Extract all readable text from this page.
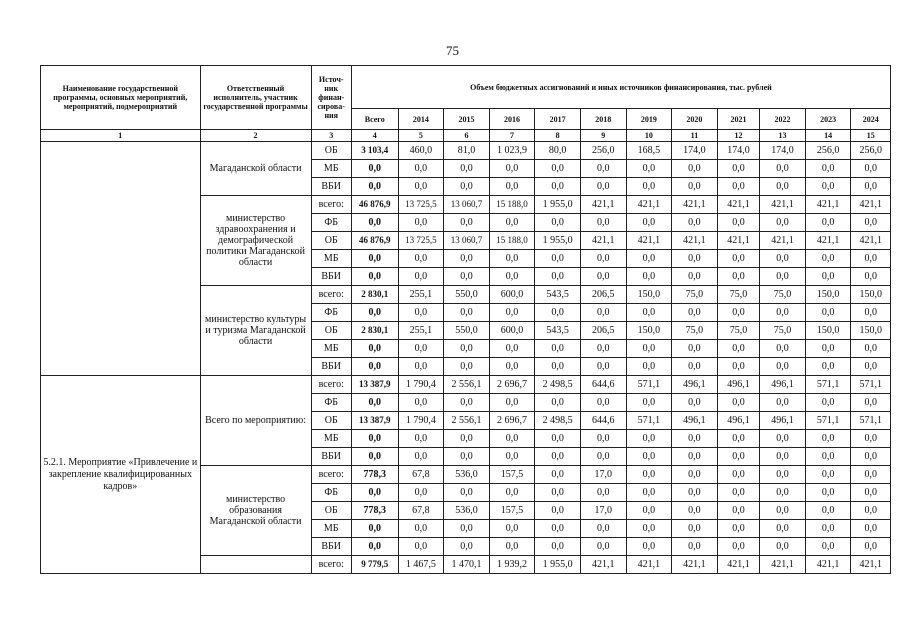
75
Наименование государственной программы, основных мероприятий, мероприятий, подмероприятий	Ответственный исполнитель, участник государственной программы	Источ-ник финан-сирова-ния	Объем бюджетных ассигнований и иных источников финансирования, тыс. рублей											
			Всего	2014	2015	2016	2017	2018	2019	2020	2021	2022	2023	2024
1	2	3	4	5	6	7	8	9	10	11	12	13	14	15
	Магаданской области	ОБ	3 103,4	460,0	81,0	1 023,9	80,0	256,0	168,5	174,0	174,0	174,0	256,0	256,0
		МБ	0,0	0,0	0,0	0,0	0,0	0,0	0,0	0,0	0,0	0,0	0,0	0,0
		ВБИ	0,0	0,0	0,0	0,0	0,0	0,0	0,0	0,0	0,0	0,0	0,0	0,0
	министерство здравоохранения и демографической политики Магаданской области	всего:	46 876,9	13 725,5	13 060,7	15 188,0	1 955,0	421,1	421,1	421,1	421,1	421,1	421,1	421,1
		ФБ	0,0	0,0	0,0	0,0	0,0	0,0	0,0	0,0	0,0	0,0	0,0	0,0
		ОБ	46 876,9	13 725,5	13 060,7	15 188,0	1 955,0	421,1	421,1	421,1	421,1	421,1	421,1	421,1
		МБ	0,0	0,0	0,0	0,0	0,0	0,0	0,0	0,0	0,0	0,0	0,0	0,0
		ВБИ	0,0	0,0	0,0	0,0	0,0	0,0	0,0	0,0	0,0	0,0	0,0	0,0
	министерство культуры и туризма Магаданской области	всего:	2 830,1	255,1	550,0	600,0	543,5	206,5	150,0	75,0	75,0	75,0	150,0	150,0
		ФБ	0,0	0,0	0,0	0,0	0,0	0,0	0,0	0,0	0,0	0,0	0,0	0,0
		ОБ	2 830,1	255,1	550,0	600,0	543,5	206,5	150,0	75,0	75,0	75,0	150,0	150,0
		МБ	0,0	0,0	0,0	0,0	0,0	0,0	0,0	0,0	0,0	0,0	0,0	0,0
		ВБИ	0,0	0,0	0,0	0,0	0,0	0,0	0,0	0,0	0,0	0,0	0,0	0,0
5.2.1. Мероприятие «Привлечение и закрепление квалифицированных кадров»	Всего по мероприятию:	всего:	13 387,9	1 790,4	2 556,1	2 696,7	2 498,5	644,6	571,1	496,1	496,1	496,1	571,1	571,1
		ФБ	0,0	0,0	0,0	0,0	0,0	0,0	0,0	0,0	0,0	0,0	0,0	0,0
		ОБ	13 387,9	1 790,4	2 556,1	2 696,7	2 498,5	644,6	571,1	496,1	496,1	496,1	571,1	571,1
		МБ	0,0	0,0	0,0	0,0	0,0	0,0	0,0	0,0	0,0	0,0	0,0	0,0
		ВБИ	0,0	0,0	0,0	0,0	0,0	0,0	0,0	0,0	0,0	0,0	0,0	0,0
	министерство образования Магаданской области	всего:	778,3	67,8	536,0	157,5	0,0	17,0	0,0	0,0	0,0	0,0	0,0	0,0
		ФБ	0,0	0,0	0,0	0,0	0,0	0,0	0,0	0,0	0,0	0,0	0,0	0,0
		ОБ	778,3	67,8	536,0	157,5	0,0	17,0	0,0	0,0	0,0	0,0	0,0	0,0
		МБ	0,0	0,0	0,0	0,0	0,0	0,0	0,0	0,0	0,0	0,0	0,0	0,0
		ВБИ	0,0	0,0	0,0	0,0	0,0	0,0	0,0	0,0	0,0	0,0	0,0	0,0
		всего:	9 779,5	1 467,5	1 470,1	1 939,2	1 955,0	421,1	421,1	421,1	421,1	421,1	421,1	421,1
